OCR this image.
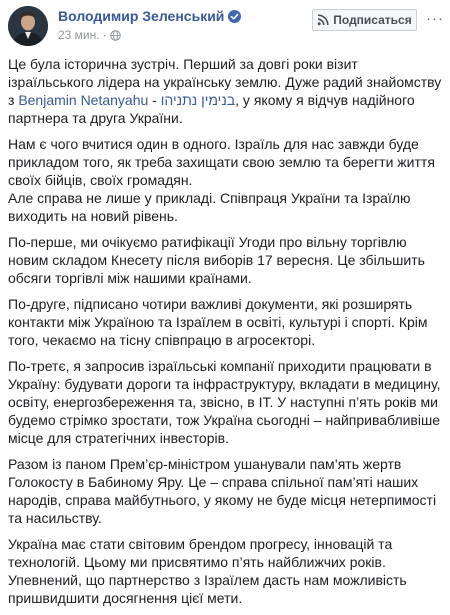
Володимир Зеленський
23 мин. ·
Подписаться ···

Це була історична зустріч. Перший за довгі роки візит ізраїльського лідера на українську землю. Дуже радий знайомству з Benjamin Netanyahu - בנימין נתניהו, у якому я відчув надійного партнера та друга України.

Нам є чого вчитися один в одного. Ізраїль для нас завжди буде прикладом того, як треба захищати свою землю та берегти життя своїх бійців, своїх громадян.
Але справа не лише у прикладі. Співпраця України та Ізраїлю виходить на новий рівень.

По-перше, ми очікуємо ратифікації Угоди про вільну торгівлю новим складом Кнесету після виборів 17 вересня. Це збільшить обсяги торгівлі між нашими країнами.

По-друге, підписано чотири важливі документи, які розширять контакти між Україною та Ізраїлем в освіті, культурі і спорті. Крім того, чекаємо на тісну співпрацю в агросекторі.

По-третє, я запросив ізраїльські компанії приходити працювати в Україну: будувати дороги та інфраструктуру, вкладати в медицину, освіту, енергозбереження та, звісно, в ІТ. У наступні п’ять років ми будемо стрімко зростати, тож Україна сьогодні – найпривабливіше місце для стратегічних інвесторів.

Разом із паном Прем’єр-міністром ушанували пам’ять жертв Голокосту в Бабиному Яру. Це – справа спільної пам’яті наших народів, справа майбутнього, у якому не буде місця нетерпимості та насильству.

Україна має стати світовим брендом прогресу, інновацій та технологій. Цьому ми присвятимо п’ять найближчих років. Упевнений, що партнерство з Ізраїлем дасть нам можливість пришвидшити досягнення цієї мети.
